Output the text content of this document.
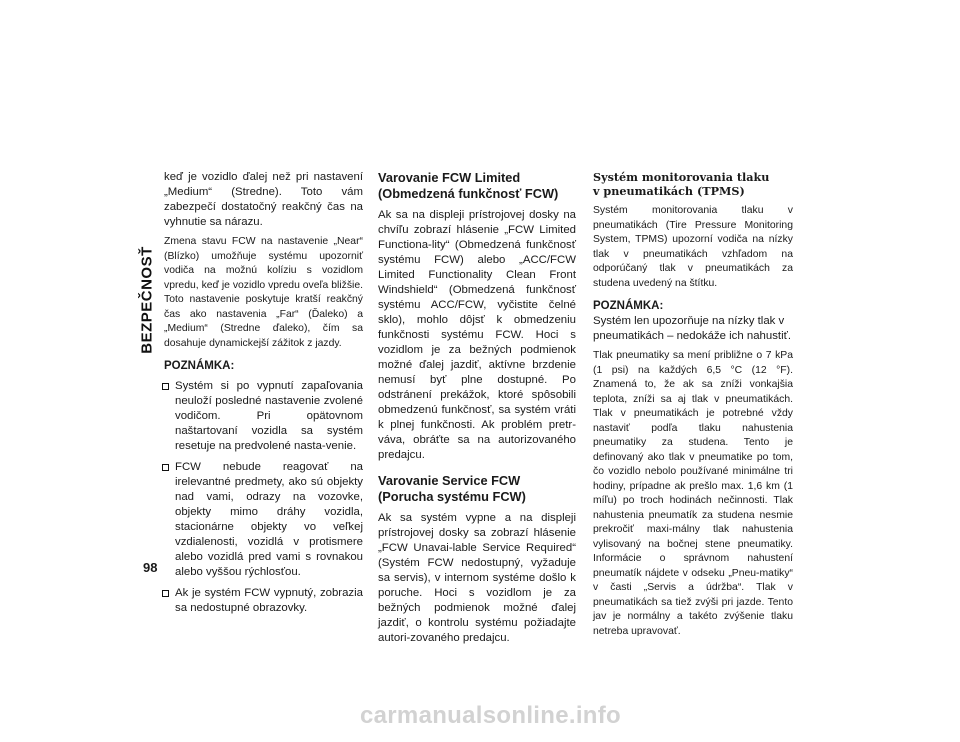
BEZPEČNOSŤ

keď je vozidlo ďalej než pri nastavení „Medium“ (Stredne). Toto vám zabezpečí dostatočný reakčný čas na vyhnutie sa nárazu.

Zmena stavu FCW na nastavenie „Near“ (Blízko) umožňuje systému upozorniť vodiča na možnú kolíziu s vozidlom vpredu, keď je vozidlo vpredu oveľa bližšie. Toto nastavenie poskytuje kratší reakčný čas ako nastavenia „Far“ (Ďaleko) a „Medium“ (Stredne ďaleko), čím sa dosahuje dynamickejší zážitok z jazdy.

POZNÁMKA:
Systém si po vypnutí zapaľovania neuloží posledné nastavenie zvolené vodičom. Pri opätovnom naštartovaní vozidla sa systém resetuje na predvolené nasta-venie.
FCW nebude reagovať na irelevantné predmety, ako sú objekty nad vami, odrazy na vozovke, objekty mimo dráhy vozidla, stacionárne objekty vo veľkej vzdialenosti, vozidlá v protismere alebo vozidlá pred vami s rovnakou alebo vyššou rýchlosťou.
Ak je systém FCW vypnutý, zobrazia sa nedostupné obrazovky.
Varovanie FCW Limited (Obmedzená funkčnosť FCW)

Ak sa na displeji prístrojovej dosky na chvíľu zobrazí hlásenie „FCW Limited Functiona-lity“ (Obmedzená funkčnosť systému FCW) alebo „ACC/FCW Limited Functionality Clean Front Windshield“ (Obmedzená funkčnosť systému ACC/FCW, vyčistite čelné sklo), mohlo dôjsť k obmedzeniu funkčnosti systému FCW. Hoci s vozidlom je za bežných podmienok možné ďalej jazdiť, aktívne brzdenie nemusí byť plne dostupné. Po odstránení prekážok, ktoré spôsobili obmedzenú funkčnosť, sa systém vráti k plnej funkčnosti. Ak problém pretr-váva, obráťte sa na autorizovaného predajcu.

Varovanie Service FCW (Porucha systému FCW)

Ak sa systém vypne a na displeji prístrojovej dosky sa zobrazí hlásenie „FCW Unavai-lable Service Required“ (Systém FCW nedostupný, vyžaduje sa servis), v internom systéme došlo k poruche. Hoci s vozidlom je za bežných podmienok možné ďalej jazdiť, o kontrolu systému požiadajte autori-zovaného predajcu.

Systém monitorovania tlaku
v pneumatikách (TPMS)

Systém monitorovania tlaku v pneumatikách (Tire Pressure Monitoring System, TPMS) upozorní vodiča na nízky tlak v pneumatikách vzhľadom na odporúčaný tlak v pneumatikách za studena uvedený na štítku.

POZNÁMKA:

Systém len upozorňuje na nízky tlak v pneumatikách – nedokáže ich nahustiť.

Tlak pneumatiky sa mení približne o 7 kPa (1 psi) na každých 6,5 °C (12 °F). Znamená to, že ak sa zníži vonkajšia teplota, zníži sa aj tlak v pneumatikách. Tlak v pneumatikách je potrebné vždy nastaviť podľa tlaku nahustenia pneumatiky za studena. Tento je definovaný ako tlak v pneumatike po tom, čo vozidlo nebolo používané minimálne tri hodiny, prípadne ak prešlo max. 1,6 km (1 míľu) po troch hodinách nečinnosti. Tlak nahustenia pneumatík za studena nesmie prekročiť maxi-málny tlak nahustenia vylisovaný na bočnej stene pneumatiky. Informácie o správnom nahustení pneumatík nájdete v odseku „Pneu-matiky“ v časti „Servis a údržba“. Tlak v pneumatikách sa tiež zvýši pri jazde. Tento jav je normálny a takéto zvýšenie tlaku netreba upravovať.

98
carmanualsonline.info
